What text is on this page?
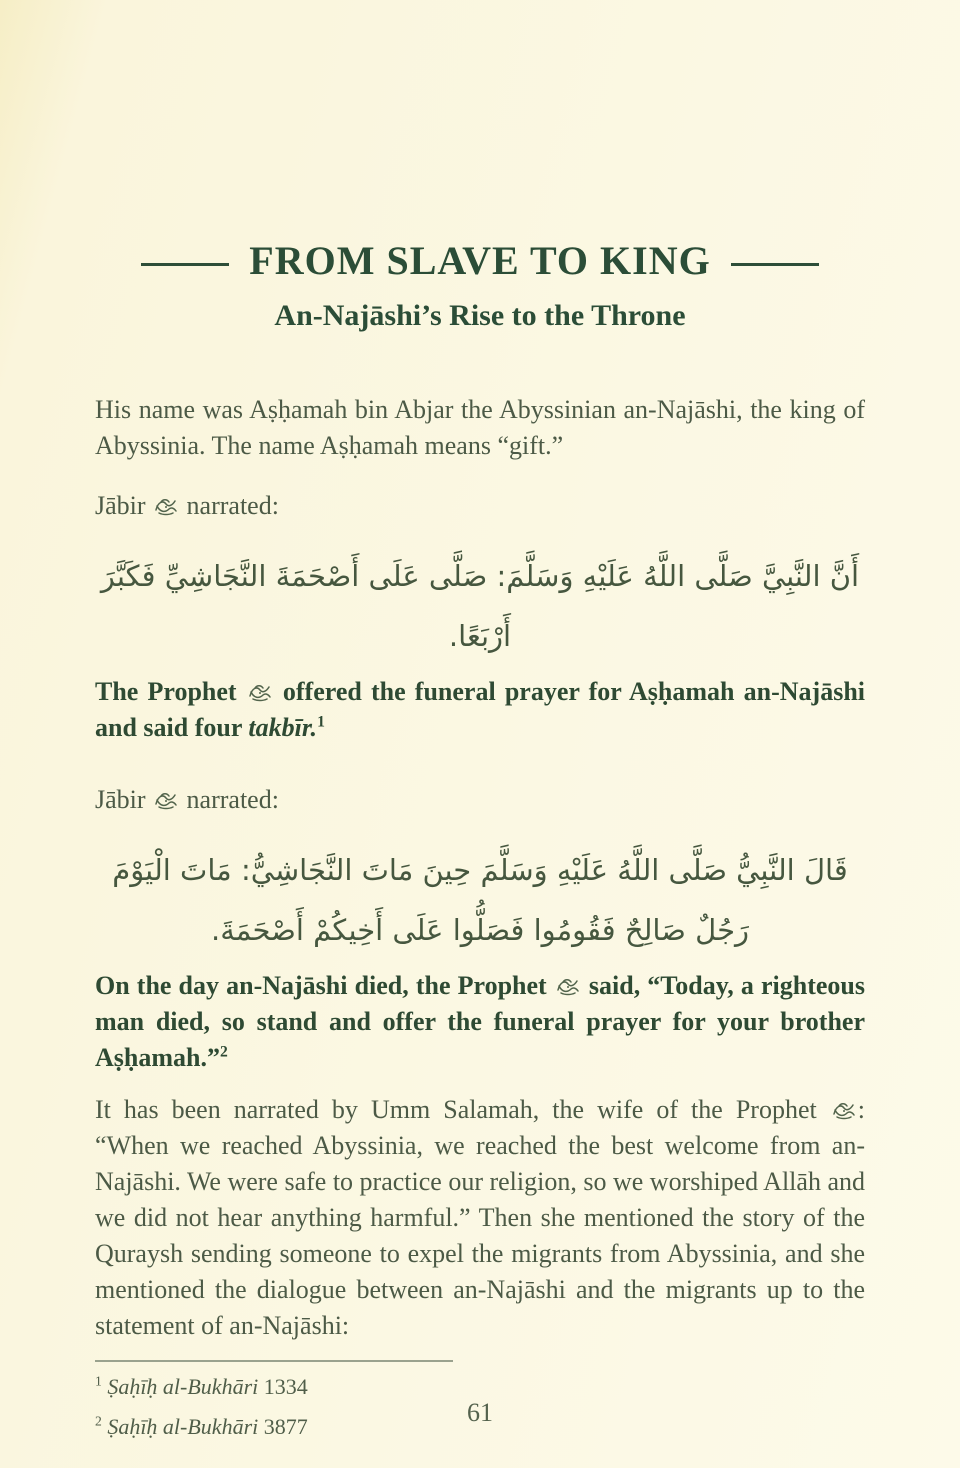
FROM SLAVE TO KING
An-Najāshi’s Rise to the Throne

His name was Aṣḥamah bin Abjar the Abyssinian an-Najāshi, the king of Abyssinia. The name Aṣḥamah means “gift.”

Jābir narrated:

أَنَّ النَّبِيَّ صَلَّى اللَّهُ عَلَيْهِ وَسَلَّمَ: صَلَّى عَلَى أَصْحَمَةَ النَّجَاشِيِّ فَكَبَّرَ أَرْبَعًا.

The Prophet offered the funeral prayer for Aṣḥamah an-Najāshi and said four takbīr.$^1$

Jābir narrated:

قَالَ النَّبِيُّ صَلَّى اللَّهُ عَلَيْهِ وَسَلَّمَ حِينَ مَاتَ النَّجَاشِيُّ: مَاتَ الْيَوْمَ رَجُلٌ صَالِحٌ فَقُومُوا فَصَلُّوا عَلَى أَخِيكُمْ أَصْحَمَةَ.

On the day an-Najāshi died, the Prophet said, “Today, a righteous man died, so stand and offer the funeral prayer for your brother Aṣḥamah.”$^2$

It has been narrated by Umm Salamah, the wife of the Prophet : “When we reached Abyssinia, we reached the best welcome from an-Najāshi. We were safe to practice our religion, so we worshiped Allāh and we did not hear anything harmful.” Then she mentioned the story of the Quraysh sending someone to expel the migrants from Abyssinia, and she mentioned the dialogue between an-Najāshi and the migrants up to the statement of an-Najāshi:

$^1$ Ṣaḥīḥ al-Bukhāri 1334

$^2$ Ṣaḥīḥ al-Bukhāri 3877	61
